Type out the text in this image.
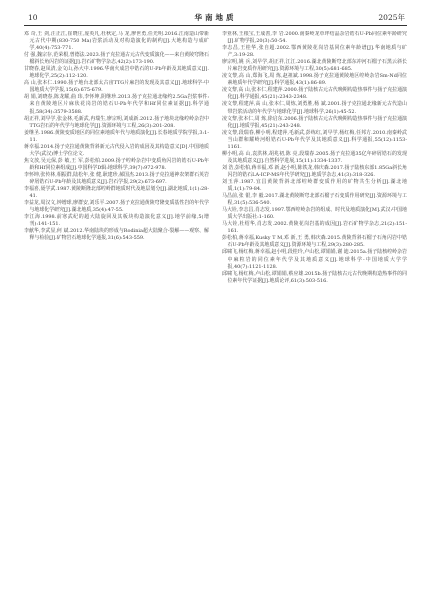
10	华南地质	2025年

邓 奇,王 剑,汪正江,崔晓庄,庞英凡,杜秋定,马 龙,廖世勇,任光明.2016.江南造山带新元古代中期(830-750 Ma)岩浆活动及对构造演化的制约[J].大地构造与成矿学,40(4):753-771.

付 强,魏宗存,范荣根,曾德法.2023.扬子克拉通古元古代变质演化——来自黄陵穹隆石榴斜长角闪岩的证据[J].岩石矿物学杂志,42(2):173-190.

甘晓春,赵凤清,金文山,孙大中.1996.华南火成岩中锆石的U-Pb年龄及其地质意义[J].地球化学,25(2):112-120.

高 山,张本仁.1990.扬子地台北部太古宙TTG片麻岩的发现及其意义[J].地球科学-中国地质大学学报,15(6):675-679.

胡 娟,刘晓春,陈龙耀,曲 玮,李怀坤,阴继珍.2013.扬子克拉通北缘约2.5Ga岩浆事件:来自黄陵地区片麻状花岗岩的锆石U-Pb年代学和Hf同位素证据[J].科学通报,58(34):3579-3588.

胡正祥,刘早学,张金林,毛新武,冉瑞生,廖宗明,刘成新.2012.扬子地块北缘崆岭杂岩中TTG岩石的年代学与地球化学[J].资源环境与工程,26(3):201-208.

姜继圣.1986.黄陵变质地区的同位素地质年代与地质演化[J].长春地质学院学报,3:1-11.

蒋幸福.2014.扬子克拉通黄陵背斜新元古代侵入岩的成因及其构造意义[D].中国地质大学(武汉)博士学位论文.

焦文放,吴元保,彭 敏,王 军,彭松柏.2009.扬子崆岭杂岩中变质角闪岩的锆石U-Pb年龄和Hf同位素组成[J].中国科学D辑:地球科学,39(7):972-978.

李怀坤,张传林,相振群,陆松年,张 健,耿建珍,郝国杰.2013.扬子克拉通神农架群石英岩碎屑锆石U-Pb年龄及其地质意义[J].岩石学报,29(2):673-697.

李福喜,聂学武.1987.黄陵断隆北部崆岭群地质时代及地层划分[J].湖北地质,1(1):28-41.

李益龙,周汉文,钟增球,廖群安,刘乐平.2007.扬子克拉通黄陵穹隆变质基性岩的年代学与地球化学研究[J].湖北地质,35(4):47-55.

李江海.1998.前寒武纪的超大陆旋回及其板块构造演化意义[J].地学前缘,5(增刊):141-151.

李献华,李武显,何 斌.2012.华南陆块的形成与Rodinia超大陆聚合-裂解——观察、解释与检验[J].矿物岩石地球化学通报,31(6):543-559.

李亚林,王根宝,王成善,李 岩.2000.南秦岭龙草坪结晶杂岩锆石U-Pb同位素年龄研究[J].矿物学报,20(3):50-54.

李志昌,王桂华,张自超.2002.鄂西黄陵花岗岩基同位素年龄谱[J].华南地质与矿产,3:19-28.

廖宗明,姚 兵,刘早学,胡正祥,江江.2016.湖北黄陵断穹北部东冲河石榴子石黑云斜长片麻岩变质作用研究[J].资源环境与工程,30(5):681-685.

凌文黎,高 山,郑海飞,周 炼,赵祖斌.1998.扬子克拉通黄陵地区崆岭杂岩Sm-Nd同位素地质年代学研究[J].科学通报,43(1):86-89.

凌文黎,高 山,张本仁,程建萍.2000.扬子陆核古元古代晚期构造热事件与扬子克拉通演化[J].科学通报,45(21):2343-2348.

凌文黎,程建萍,高 山,张本仁,周炼,刘勇胜,杨 斌.2001.扬子克拉通北缘新元古代造山带岩浆活动的年代学与地球化学[J].地球科学,26(1):45-52.

凌文黎,张本仁,周 炼,徐启东.2006.扬子陆核古元古代晚期构造热事件与扬子克拉通演化[J].地质学报,45(21):243-248.

凌文黎,段瑞春,柳小明,程建萍,毛新武,彭练红,刘早学,杨红梅,任邦方.2010.南秦岭武当山群和耀岭河组锆石U-Pb年代学及其地质意义[J].科学通报,55(12):1153-1161.

柳小明,高 山,袁洪林,胡兆初,陈 亮,段瑞春.2005.扬子克拉通35亿年碎屑锆石的发现及其地质意义[J].自然科学进展,15(11):1334-1337.

刘 浩,彭松柏,蒋幸福,邓 新,赵小明,陈铁龙,韩庆森.2017.扬子陆核东部1.85Ga斜长角闪岩的锆石LA-ICP-MS年代学研究[J].地质学杂志,41(3):318-326.

刘玉萍.1987.宜昌黄陵背斜北部崆岭群变质作用的矿物共生分析[J].湖北地质,1(1):79-84.

马昌前,张 银,李 毅.2017.湖北黄陵断穹北部石榴子石变质作用研究[J].资源环境与工程,31(5):536-540.

马大铨,李志昌,肖志发.1997.鄂西崆岭杂岩的组成、时代及地质演化[M].武汉:中国地质大学出版社:1-160.

马大铨,杜绍华,肖志发.2002.黄陵花岗岩基的成因[J].岩石矿物学杂志,21(2):151-161.

彭松柏,蒋幸福,Kusky T M,邓 新,王 勇,韩庆森.2015.黄陵背斜石榴子石角闪岩中锆石U-Pb年龄及其地质意义[J].资源环境与工程,29(3):280-285.

邱啸飞,杨红梅,蒋幸福,赵小明,段桂玲,卢山松,谭娟娟,谢 迪.2015a.扬子陆核崆岭杂岩中麻粒岩的同位素年代学及其地质意义[J].地球科学-中国地质大学学报,40(7):1121-1128.

邱啸飞,杨红梅,卢山松,谭娟娟,蔡应雄.2015b.扬子陆核古元古代晚期构造热事件的同位素年代学证据[J].地质论评,61(3):503-516.
